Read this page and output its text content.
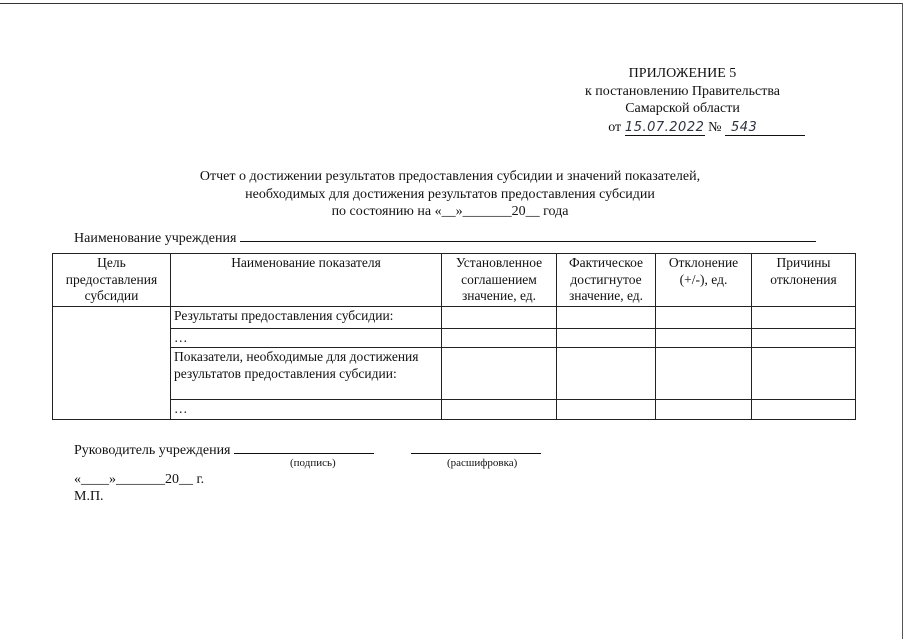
ПРИЛОЖЕНИЕ 5
к постановлению Правительства
Самарской области
от 15.07.2022 № 543
Отчет о достижении результатов предоставления субсидии и значений показателей,
необходимых для достижения результатов предоставления субсидии
по состоянию на «__»_______20__ года
Наименование учреждения
Цель предоставления субсидии	Наименование показателя	Установленное соглашением значение, ед.	Фактическое достигнутое значение, ед.	Отклонение (+/-), ед.	Причины отклонения
	Результаты предоставления субсидии:				
	…				
	Показатели, необходимые для достижения результатов предоставления субсидии:				
	…				
Руководитель учреждения
(подпись)	(расшифровка)
«____»_______20__ г.
М.П.
